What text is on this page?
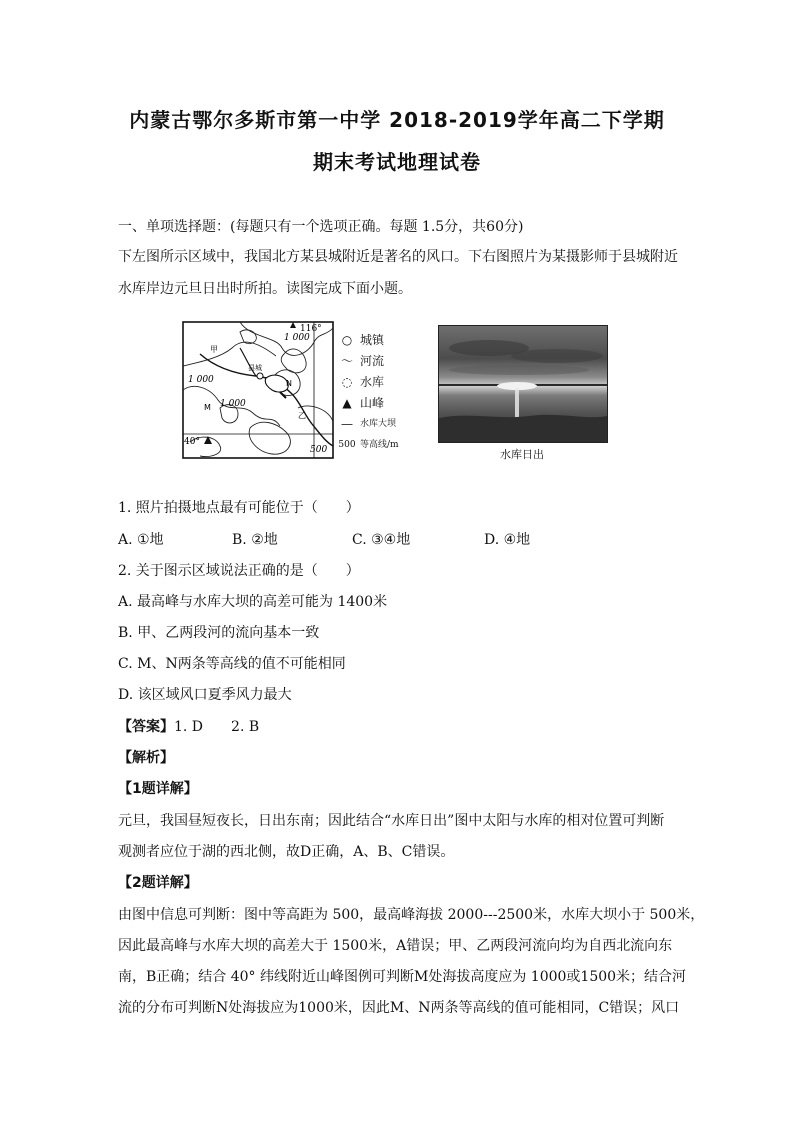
内蒙古鄂尔多斯市第一中学 2018-2019学年高二下学期
期末考试地理试卷
一、单项选择题：(每题只有一个选项正确。每题 1.5分，共60分)
下左图所示区域中，我国北方某县城附近是著名的风口。下右图照片为某摄影师于县城附近
水库岸边元旦日出时所拍。读图完成下面小题。
116°
40°
1 000
1 000
1 000
500
甲
乙
M
N
县城
○ 城镇
〜 河流
◌ 水库
▲ 山峰
— 水库大坝
500 等高线/m
水库日出
1. 照片拍摄地点最有可能位于（　　）
A. ①地	B. ②地	C. ③④地	D. ④地
2. 关于图示区域说法正确的是（　　）
A. 最高峰与水库大坝的高差可能为 1400米
B. 甲、乙两段河的流向基本一致
C. M、N两条等高线的值不可能相同
D. 该区域风口夏季风力最大
【答案】1. D　　2. B
【解析】
【1题详解】
元旦，我国昼短夜长，日出东南；因此结合“水库日出”图中太阳与水库的相对位置可判断
观测者应位于湖的西北侧，故D正确，A、B、C错误。
【2题详解】
由图中信息可判断：图中等高距为 500，最高峰海拔 2000---2500米，水库大坝小于 500米，
因此最高峰与水库大坝的高差大于 1500米，A错误；甲、乙两段河流向均为自西北流向东
南，B正确；结合 40° 纬线附近山峰图例可判断M处海拔高度应为 1000或1500米；结合河
流的分布可判断N处海拔应为1000米，因此M、N两条等高线的值可能相同，C错误；风口
